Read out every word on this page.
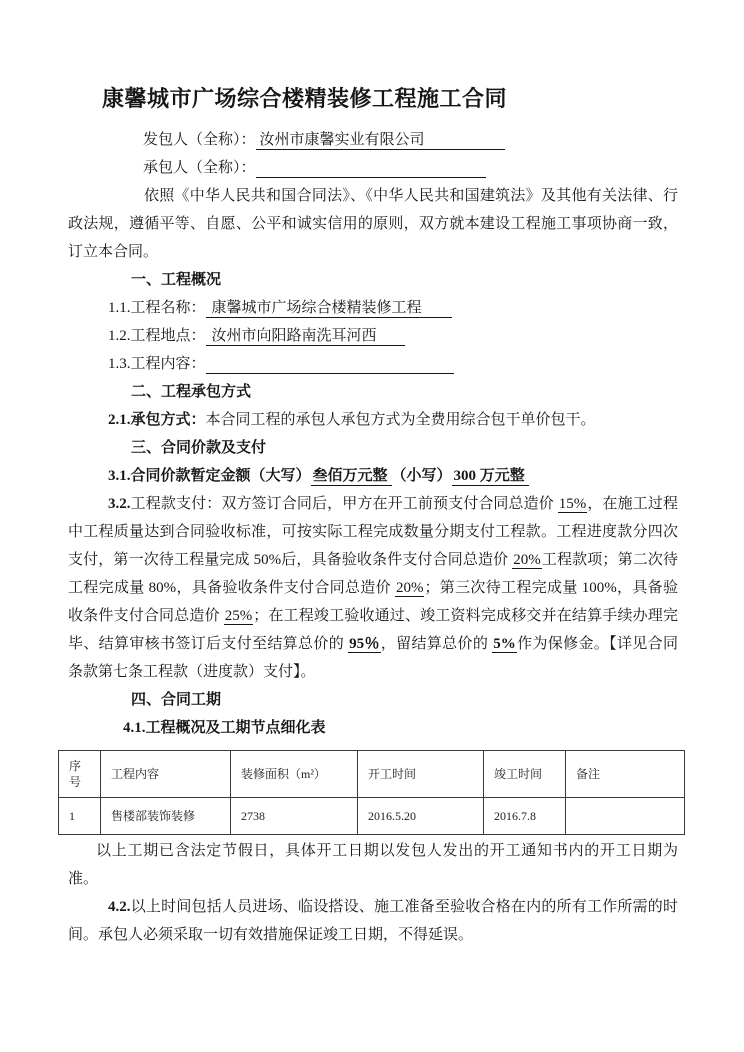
康馨城市广场综合楼精装修工程施工合同

发包人（全称）： 汝州市康馨实业有限公司

承包人（全称）：

依照《中华人民共和国合同法》、《中华人民共和国建筑法》及其他有关法律、行政法规，遵循平等、自愿、公平和诚实信用的原则，双方就本建设工程施工事项协商一致，订立本合同。

一、工程概况

1.1.工程名称： 康馨城市广场综合楼精装修工程

1.2.工程地点： 汝州市向阳路南洗耳河西

1.3.工程内容：

二、工程承包方式

2.1.承包方式：本合同工程的承包人承包方式为全费用综合包干单价包干。

三、合同价款及支付

3.1.合同价款暂定金额（大写） 叁佰万元整 （小写） 300 万元整

3.2.工程款支付：双方签订合同后，甲方在开工前预支付合同总造价 15%，在施工过程中工程质量达到合同验收标准，可按实际工程完成数量分期支付工程款。工程进度款分四次支付，第一次待工程量完成 50%后，具备验收条件支付合同总造价 20%工程款项；第二次待工程完成量 80%，具备验收条件支付合同总造价 20%；第三次待工程完成量 100%，具备验收条件支付合同总造价 25%；在工程竣工验收通过、竣工资料完成移交并在结算手续办理完毕、结算审核书签订后支付至结算总价的 95％，留结算总价的 5%作为保修金。【详见合同条款第七条工程款（进度款）支付】。

四、合同工期

4.1.工程概况及工期节点细化表

序号	工程内容	装修面积（m²）	开工时间	竣工时间	备注
1	售楼部装饰装修	2738	2016.5.20	2016.7.8	

以上工期已含法定节假日，具体开工日期以发包人发出的开工通知书内的开工日期为准。

4.2.以上时间包括人员进场、临设搭设、施工准备至验收合格在内的所有工作所需的时间。承包人必须采取一切有效措施保证竣工日期，不得延误。
